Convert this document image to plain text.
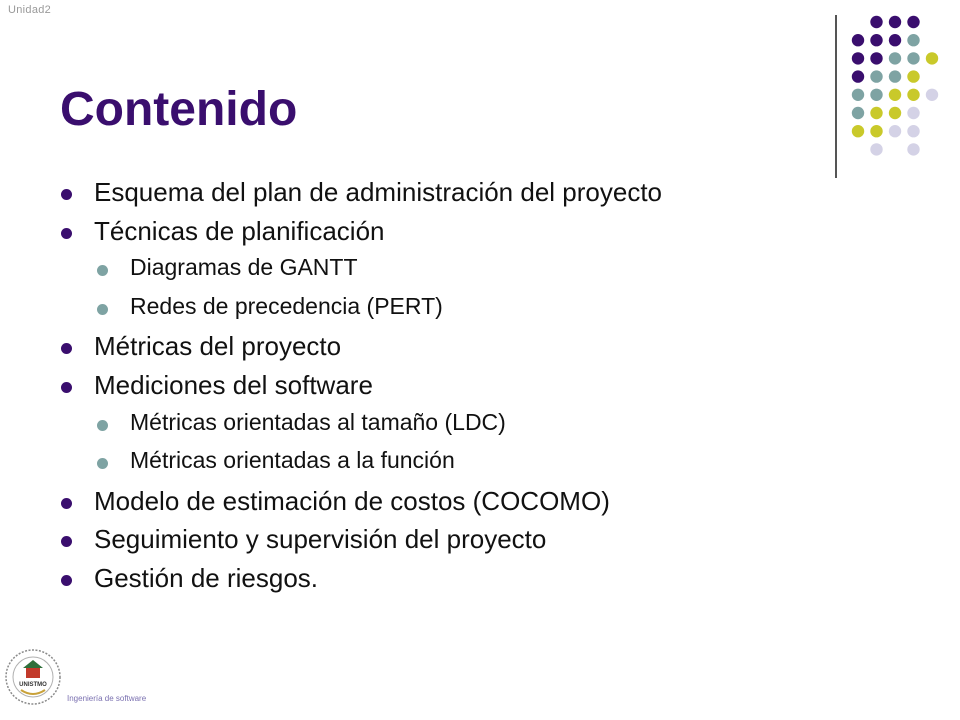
Unidad2
Contenido
Esquema del plan de administración del proyecto
Técnicas de planificación
Diagramas de GANTT
Redes de precedencia (PERT)
Métricas del proyecto
Mediciones del software
Métricas orientadas al tamaño (LDC)
Métricas orientadas a la función
Modelo de estimación de costos (COCOMO)
Seguimiento y supervisión del proyecto
Gestión de riesgos.
UNISTMO
Ingeniería de software
